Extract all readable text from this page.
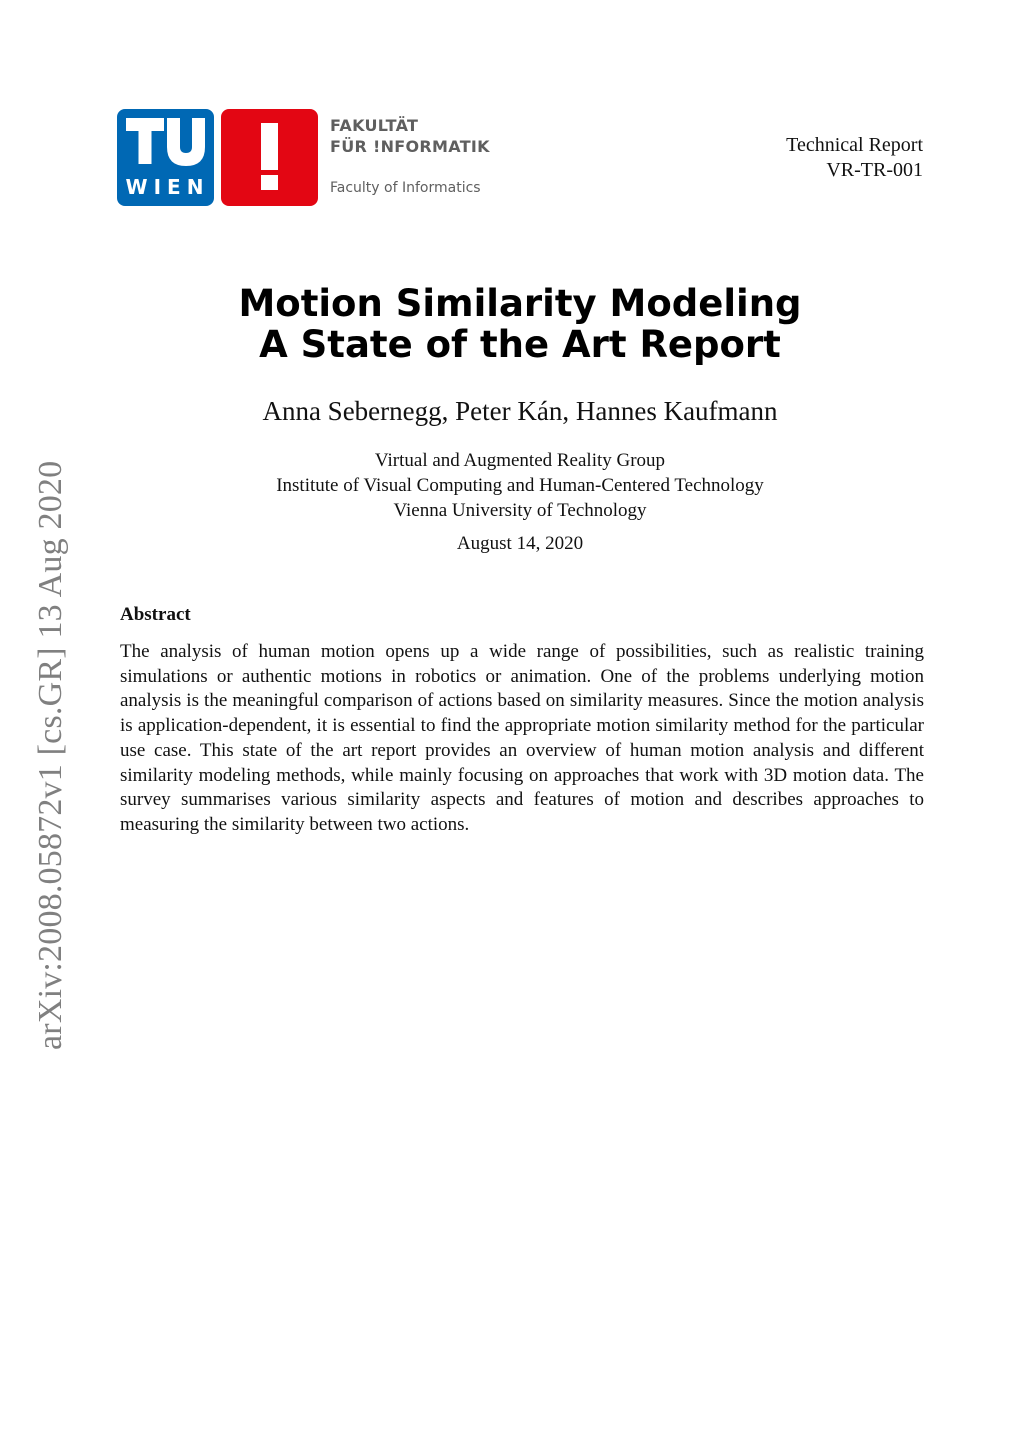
WIEN
FAKULTÄT
FÜR !NFORMATIK
Faculty of Informatics
Technical Report
VR-TR-001
Motion Similarity Modeling
A State of the Art Report
Anna Sebernegg, Peter Kán, Hannes Kaufmann
Virtual and Augmented Reality Group
Institute of Visual Computing and Human-Centered Technology
Vienna University of Technology
August 14, 2020
Abstract
The analysis of human motion opens up a wide range of possibilities, such as realistic training simulations or authentic motions in robotics or animation. One of the problems underlying motion analysis is the meaningful comparison of actions based on similarity measures. Since the motion analysis is application-dependent, it is essential to find the appropriate motion similarity method for the particular use case. This state of the art report provides an overview of human motion analysis and different similarity modeling methods, while mainly focusing on approaches that work with 3D motion data. The survey summarises various similarity aspects and features of motion and describes approaches to measuring the similarity between two actions.
arXiv:2008.05872v1 [cs.GR] 13 Aug 2020
